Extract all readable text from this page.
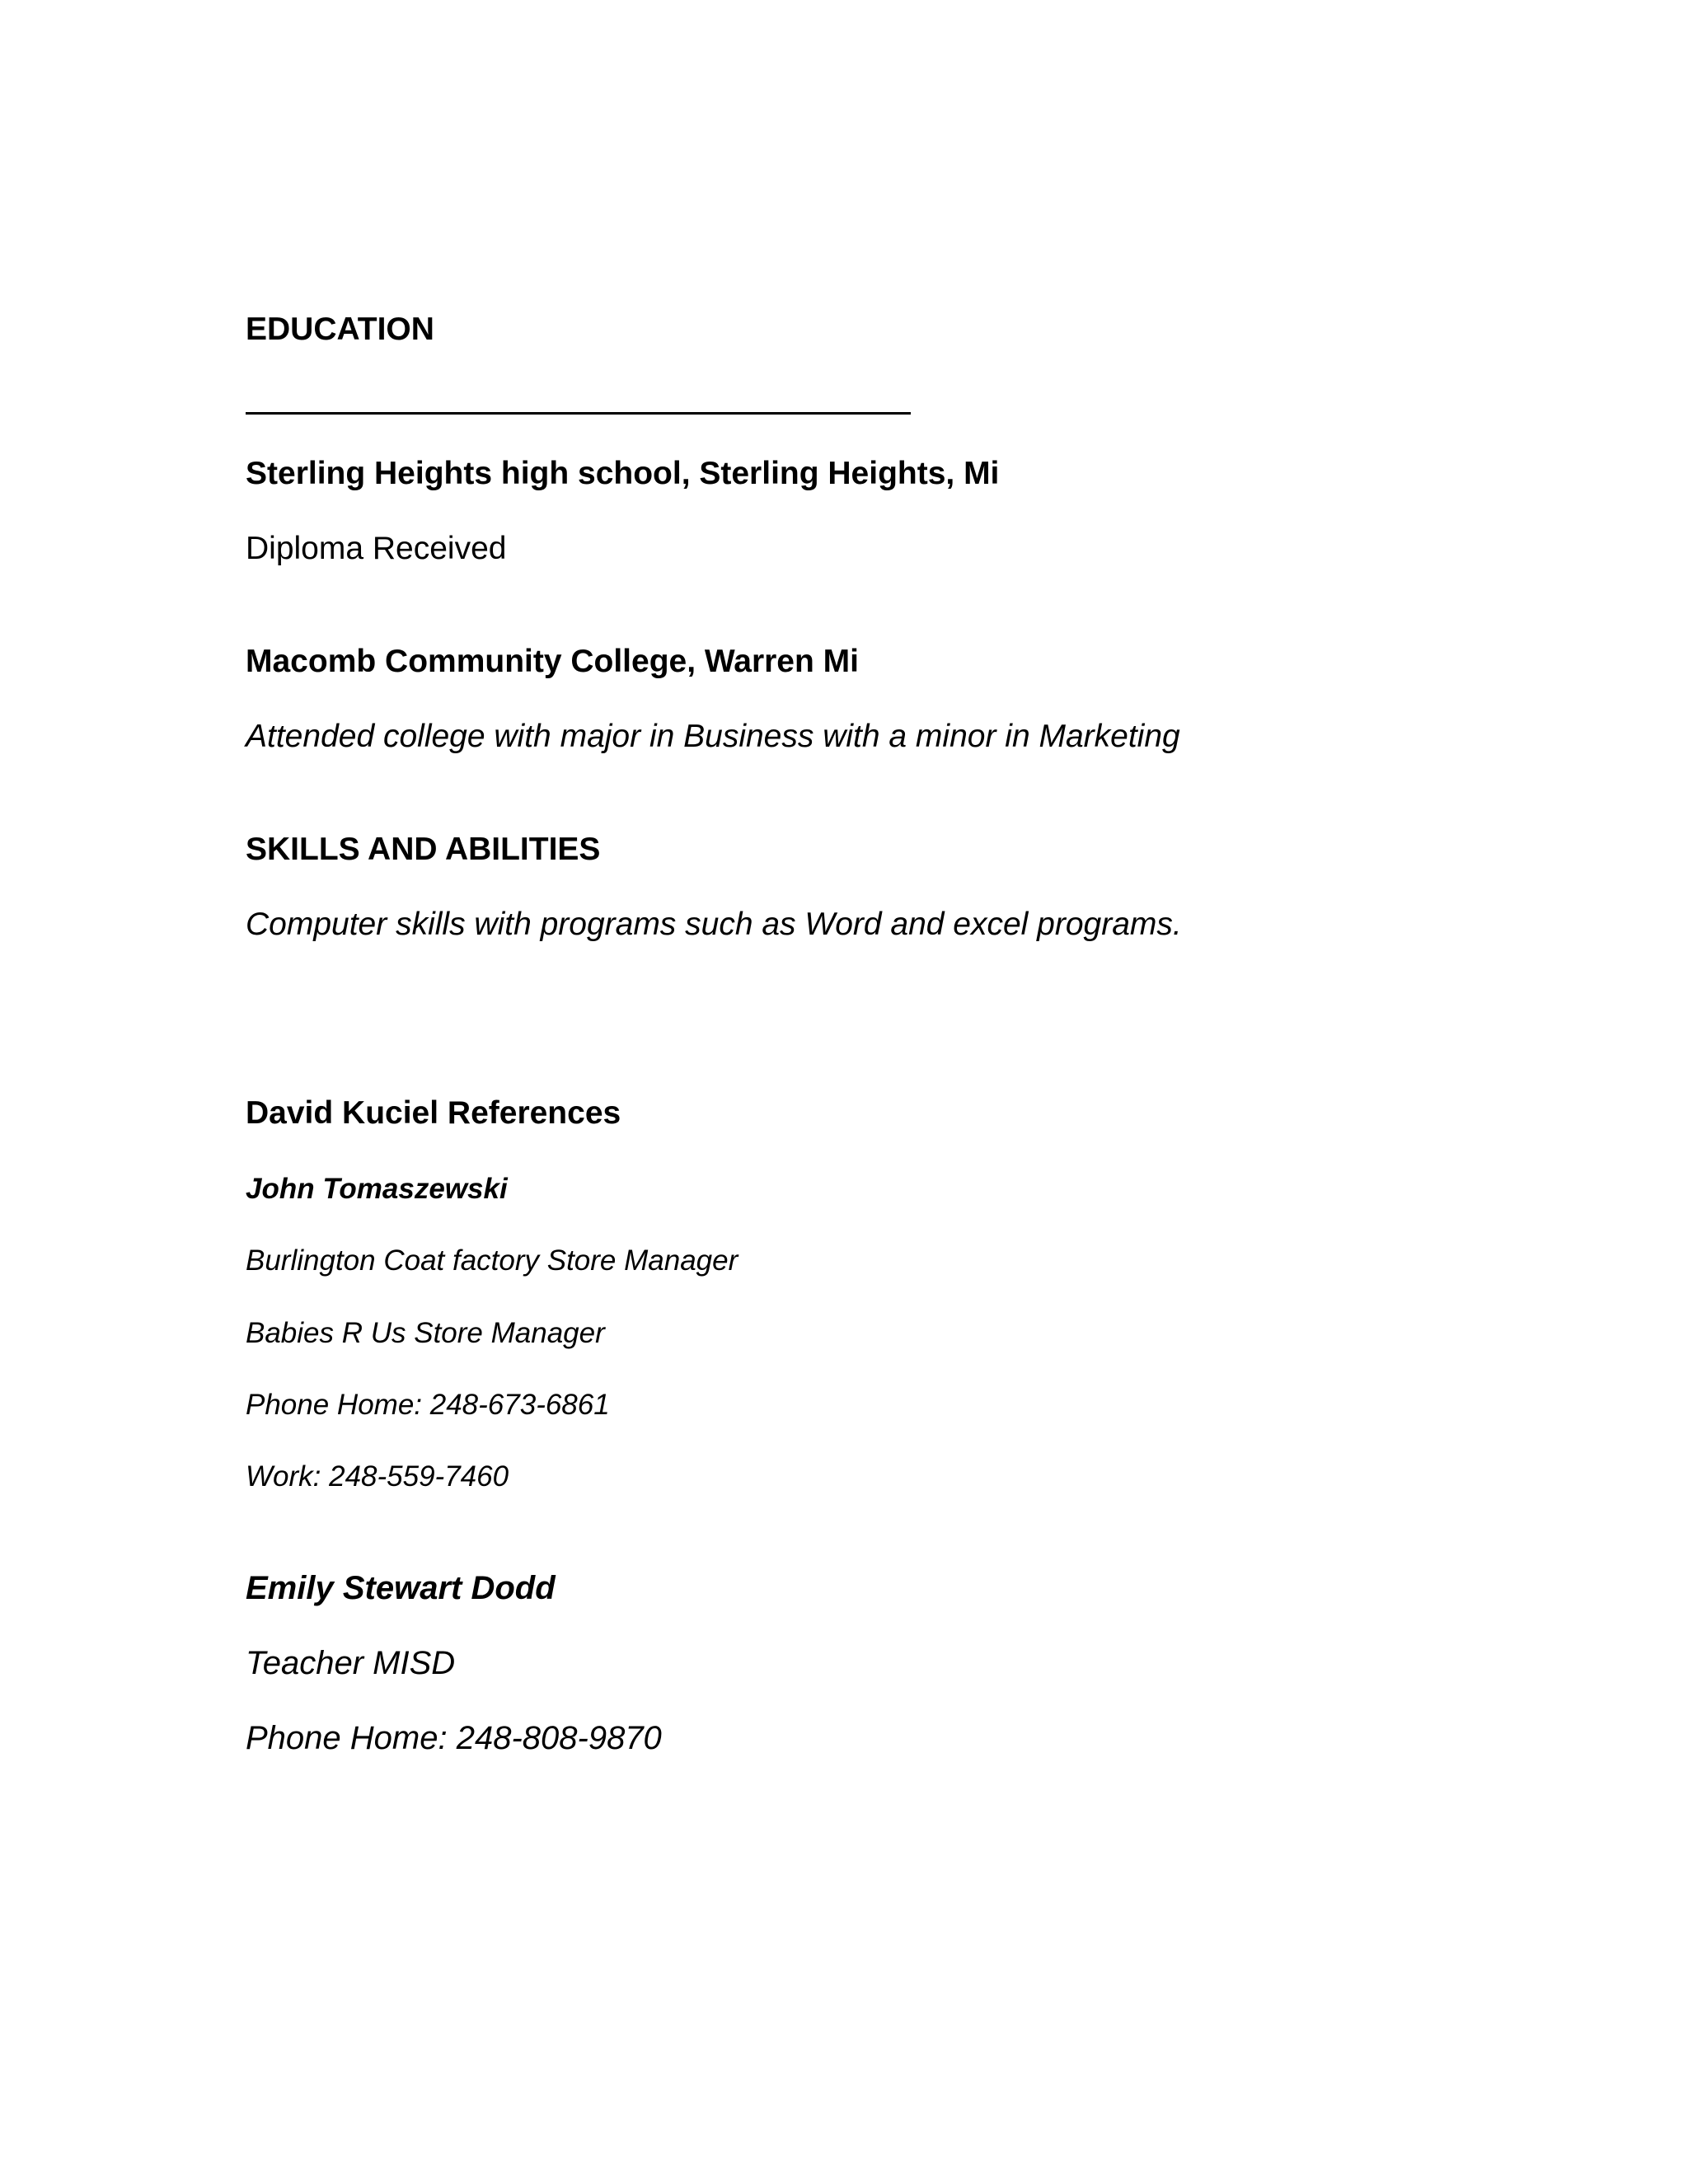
EDUCATION
Sterling Heights high school, Sterling Heights, Mi
Diploma Received
Macomb Community College, Warren Mi
Attended college with major in Business with a minor in Marketing
SKILLS AND ABILITIES
Computer skills with programs such as Word and excel programs.
David Kuciel References
John Tomaszewski
Burlington Coat factory Store Manager
Babies R Us Store Manager
Phone Home: 248-673-6861
Work: 248-559-7460
Emily Stewart Dodd
Teacher MISD
Phone Home: 248-808-9870
